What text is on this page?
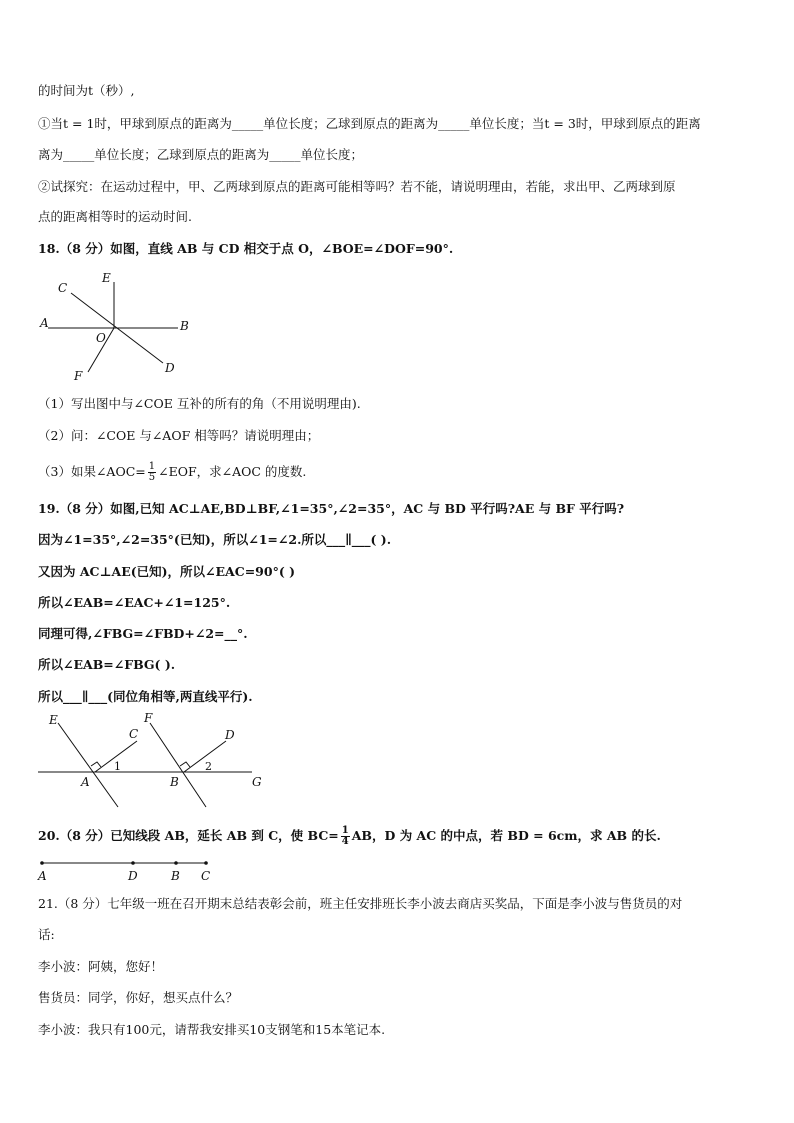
的时间为t（秒）,
①当t = 1时，甲球到原点的距离为_____单位长度；乙球到原点的距离为_____单位长度；当t = 3时，甲球到原点的距离
离为_____单位长度；乙球到原点的距离为_____单位长度；
②试探究：在运动过程中，甲、乙两球到原点的距离可能相等吗？若不能，请说明理由，若能，求出甲、乙两球到原
点的距离相等时的运动时间.
18.（8 分）如图，直线 AB 与 CD 相交于点 O，∠BOE=∠DOF=90°.
A	B
C
D
E
F
O
（1）写出图中与∠COE 互补的所有的角（不用说明理由).
（2）问：∠COE 与∠AOF 相等吗？请说明理由；
（3）如果∠AOC= $\frac{1}{5}$ ∠EOF，求∠AOC 的度数.
19.（8 分）如图,已知 AC⊥AE,BD⊥BF,∠1=35°,∠2=35°，AC 与 BD 平行吗?AE 与 BF 平行吗?
因为∠1=35°,∠2=35°(已知)，所以∠1=∠2.所以___∥___( ).
又因为 AC⊥AE(已知)，所以∠EAC=90°( )
所以∠EAB=∠EAC+∠1=125°.
同理可得,∠FBG=∠FBD+∠2=__°.
所以∠EAB=∠FBG( ).
所以___∥___(同位角相等,两直线平行).
E
C
A
1
F
D
B
2
G
20.（8 分）已知线段 AB，延长 AB 到 C，使 $BC= \frac{1}{4}$ AB，D 为 AC 的中点，若 BD = 6cm，求 AB 的长.
A	D	B C
21.（8 分）七年级一班在召开期末总结表彰会前，班主任安排班长李小波去商店买奖品，下面是李小波与售货员的对
话:
李小波：阿姨，您好！
售货员：同学，你好，想买点什么？
李小波：我只有100元，请帮我安排买10支钢笔和15本笔记本.
